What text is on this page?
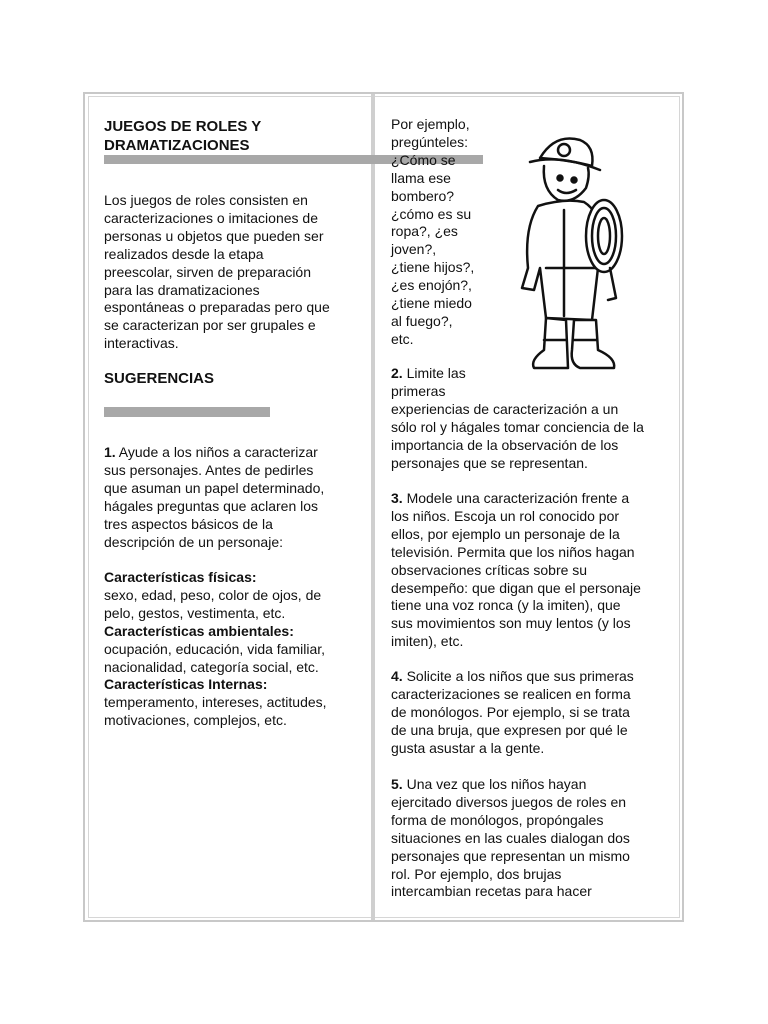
JUEGOS DE ROLES Y
DRAMATIZACIONES
Los juegos de roles consisten en
caracterizaciones o imitaciones de
personas u objetos que pueden ser
realizados desde la etapa
preescolar, sirven de preparación
para las dramatizaciones
espontáneas o preparadas pero que
se caracterizan por ser grupales e
interactivas.
SUGERENCIAS
1. Ayude a los niños a caracterizar
sus personajes. Antes de pedirles
que asuman un papel determinado,
hágales preguntas que aclaren los
tres aspectos básicos de la
descripción de un personaje:
Características físicas:
sexo, edad, peso, color de ojos, de
pelo, gestos, vestimenta, etc.
Características ambientales:
ocupación, educación, vida familiar,
nacionalidad, categoría social, etc.
Características Internas:
temperamento, intereses, actitudes,
motivaciones, complejos, etc.
Por ejemplo,
pregúnteles:
¿Cómo se
llama ese
bombero?
¿cómo es su
ropa?, ¿es
joven?,
¿tiene hijos?,
¿es enojón?,
¿tiene miedo
al fuego?,
etc.
2. Limite las
primeras
experiencias de caracterización a un
sólo rol y hágales tomar conciencia de la
importancia de la observación de los
personajes que se representan.
3. Modele una caracterización frente a
los niños. Escoja un rol conocido por
ellos, por ejemplo un personaje de la
televisión. Permita que los niños hagan
observaciones críticas sobre su
desempeño: que digan que el personaje
tiene una voz ronca (y la imiten), que
sus movimientos son muy lentos (y los
imiten), etc.
4. Solicite a los niños que sus primeras
caracterizaciones se realicen en forma
de monólogos. Por ejemplo, si se trata
de una bruja, que expresen por qué le
gusta asustar a la gente.
5. Una vez que los niños hayan
ejercitado diversos juegos de roles en
forma de monólogos, propóngales
situaciones en las cuales dialogan dos
personajes que representan un mismo
rol. Por ejemplo, dos brujas
intercambian recetas para hacer
